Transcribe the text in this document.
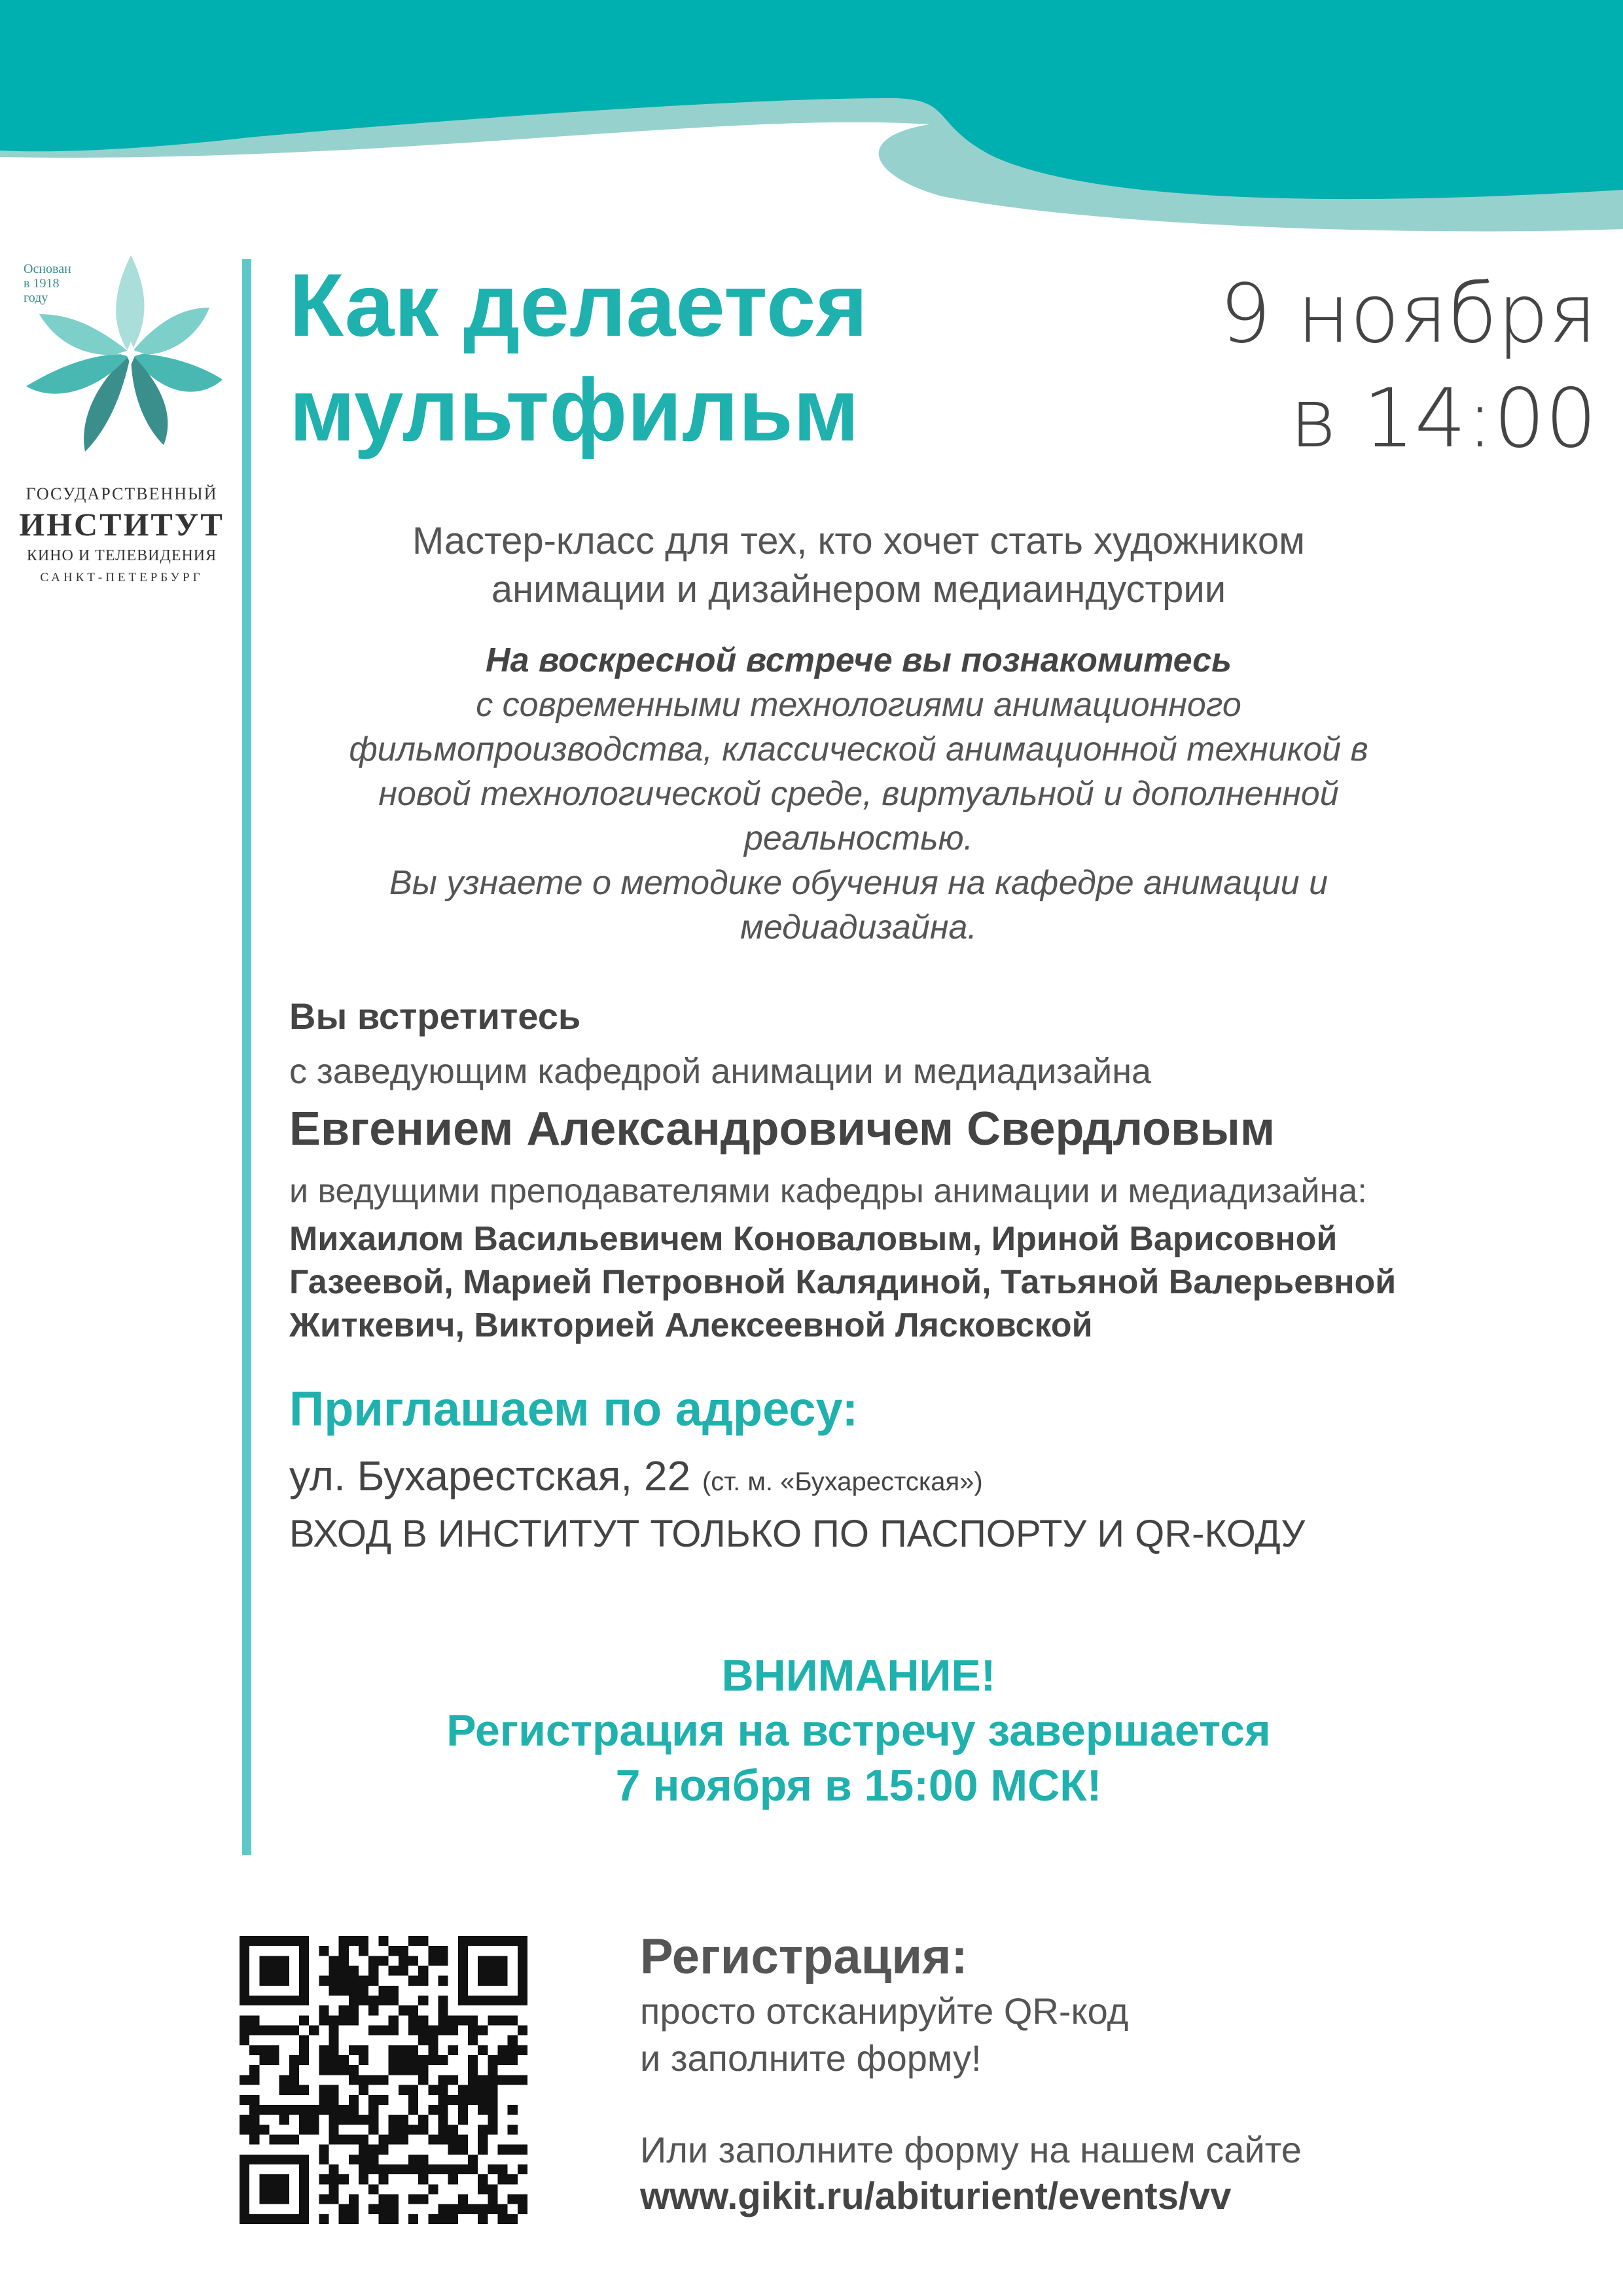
Основан
в 1918
году
ГОСУДАРСТВЕННЫЙ
ИНСТИТУТ
КИНО И ТЕЛЕВИДЕНИЯ
САНКТ-ПЕТЕРБУРГ
Как делается
мультфильм
9 ноября
в 14:00
Мастер-класс для тех, кто хочет стать художником
анимации и дизайнером медиаиндустрии
На воскресной встрече вы познакомитесь
с современными технологиями анимационного
фильмопроизводства, классической анимационной техникой в
новой технологической среде, виртуальной и дополненной
реальностью.
Вы узнаете о методике обучения на кафедре анимации и
медиадизайна.
Вы встретитесь
с заведующим кафедрой анимации и медиадизайна
Евгением Александровичем Свердловым
и ведущими преподавателями кафедры анимации и медиадизайна:
Михаилом Васильевичем Коноваловым, Ириной Варисовной
Газеевой, Марией Петровной Калядиной, Татьяной Валерьевной
Житкевич, Викторией Алексеевной Лясковской
Приглашаем по адресу:
ул. Бухарестская, 22 (ст. м. «Бухарестская»)
ВХОД В ИНСТИТУТ ТОЛЬКО ПО ПАСПОРТУ И QR-КОДУ
ВНИМАНИЕ!
Регистрация на встречу завершается
7 ноября в 15:00 МСК!
Регистрация:
просто отсканируйте QR-код
и заполните форму!
Или заполните форму на нашем сайте
www.gikit.ru/abiturient/events/vv
